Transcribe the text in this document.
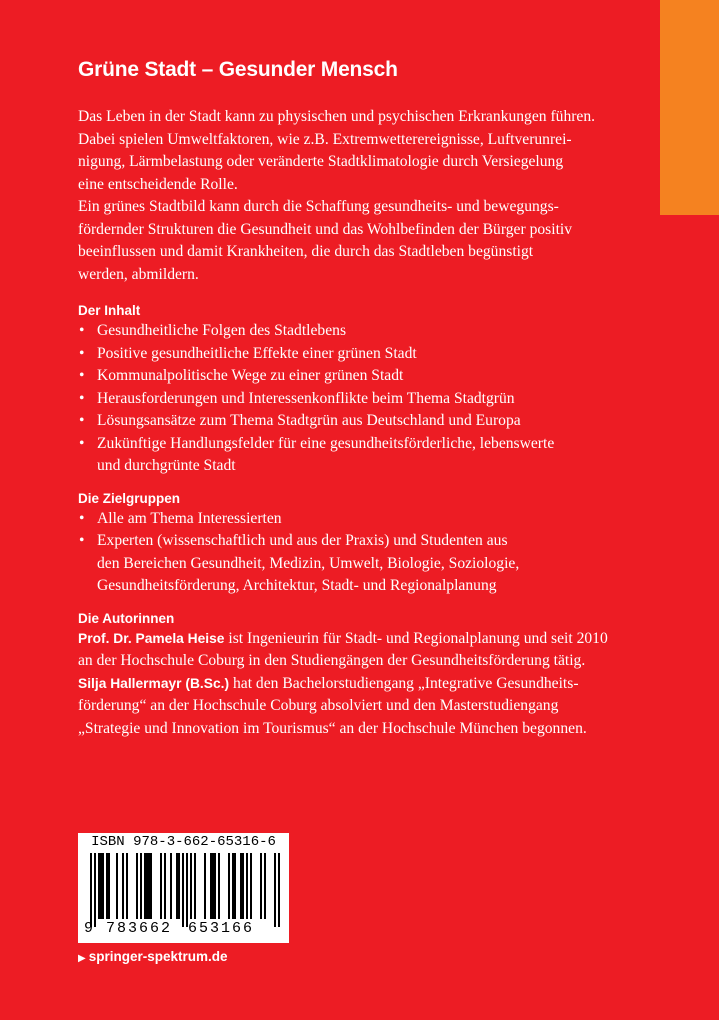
Grüne Stadt – Gesunder Mensch

Das Leben in der Stadt kann zu physischen und psychischen Erkrankungen führen.

Dabei spielen Umweltfaktoren, wie z.B. Extremwetterereignisse, Luftverunrei-

nigung, Lärmbelastung oder veränderte Stadtklimatologie durch Versiegelung

eine entscheidende Rolle.

Ein grünes Stadtbild kann durch die Schaffung gesundheits- und bewegungs-

fördernder Strukturen die Gesundheit und das Wohlbefinden der Bürger positiv

beeinflussen und damit Krankheiten, die durch das Stadtleben begünstigt

werden, abmildern.

Der Inhalt
• Gesundheitliche Folgen des Stadtlebens
• Positive gesundheitliche Effekte einer grünen Stadt
• Kommunalpolitische Wege zu einer grünen Stadt
• Herausforderungen und Interessenkonflikte beim Thema Stadtgrün
• Lösungsansätze zum Thema Stadtgrün aus Deutschland und Europa
• Zukünftige Handlungsfelder für eine gesundheitsförderliche, lebenswerte
und durchgrünte Stadt
Die Zielgruppen
• Alle am Thema Interessierten
• Experten (wissenschaftlich und aus der Praxis) und Studenten aus
den Bereichen Gesundheit, Medizin, Umwelt, Biologie, Soziologie,
Gesundheitsförderung, Architektur, Stadt- und Regionalplanung
Die Autorinnen

Prof. Dr. Pamela Heise ist Ingenieurin für Stadt- und Regionalplanung und seit 2010

an der Hochschule Coburg in den Studiengängen der Gesundheitsförderung tätig.

Silja Hallermayr (B.Sc.) hat den Bachelorstudiengang „Integrative Gesundheits-

förderung“ an der Hochschule Coburg absolviert und den Masterstudiengang

„Strategie und Innovation im Tourismus“ an der Hochschule München begonnen.

ISBN 978-3-662-65316-6
9 783662 653166
▶ springer-spektrum.de
